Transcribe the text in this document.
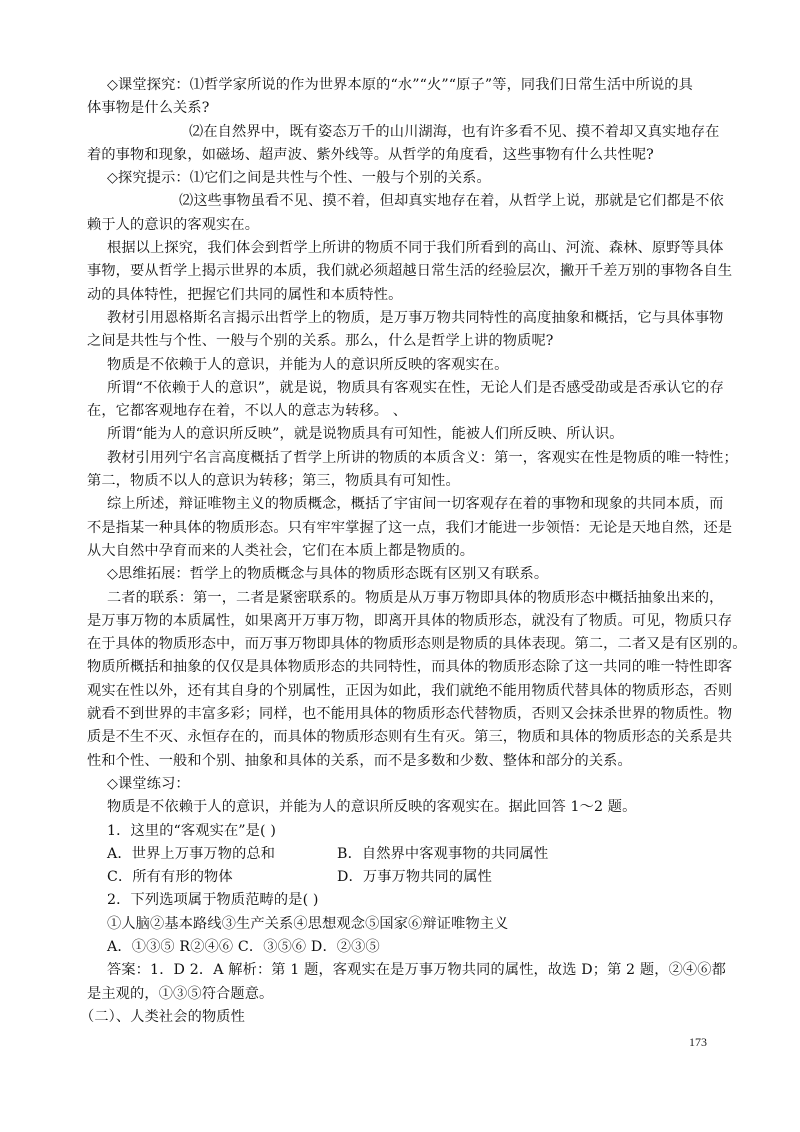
◇课堂探究：⑴哲学家所说的作为世界本原的“水”“火”“原子”等，同我们日常生活中所说的具
体事物是什么关系?
⑵在自然界中，既有姿态万千的山川湖海，也有许多看不见、摸不着却又真实地存在
着的事物和现象，如磁场、超声波、紫外线等。从哲学的角度看，这些事物有什么共性呢?
◇探究提示：⑴它们之间是共性与个性、一般与个别的关系。
⑵这些事物虽看不见、摸不着，但却真实地存在着，从哲学上说，那就是它们都是不依
赖于人的意识的客观实在。
根据以上探究，我们体会到哲学上所讲的物质不同于我们所看到的高山、河流、森林、原野等具体
事物，要从哲学上揭示世界的本质，我们就必须超越日常生活的经验层次，撇开千差万别的事物各自生
动的具体特性，把握它们共同的属性和本质特性。
教材引用恩格斯名言揭示出哲学上的物质，是万事万物共同特性的高度抽象和概括，它与具体事物
之间是共性与个性、一般与个别的关系。那么，什么是哲学上讲的物质呢?
物质是不依赖于人的意识，并能为人的意识所反映的客观实在。
所谓“不依赖于人的意识”，就是说，物质具有客观实在性，无论人们是否感受劭或是否承认它的存
在，它都客观地存在着，不以人的意志为转移。 、
所谓“能为人的意识所反映”，就是说物质具有可知性，能被人们所反映、所认识。
教材引用列宁名言高度概括了哲学上所讲的物质的本质含义：第一，客观实在性是物质的唯一特性；
第二，物质不以人的意识为转移；第三，物质具有可知性。
综上所述，辩证唯物主义的物质概念，概括了宇宙间一切客观存在着的事物和现象的共同本质，而
不是指某一种具体的物质形态。只有牢牢掌握了这一点，我们才能进一步领悟：无论是天地自然，还是
从大自然中孕育而来的人类社会，它们在本质上都是物质的。
◇思维拓展：哲学上的物质概念与具体的物质形态既有区别又有联系。
二者的联系：第一，二者是紧密联系的。物质是从万事万物即具体的物质形态中概括抽象出来的，
是万事万物的本质属性，如果离开万事万物，即离开具体的物质形态，就没有了物质。可见，物质只存
在于具体的物质形态中，而万事万物即具体的物质形态则是物质的具体表现。第二，二者又是有区别的。
物质所概括和抽象的仅仅是具体物质形态的共同特性，而具体的物质形态除了这一共同的唯一特性即客
观实在性以外，还有其自身的个别属性，正因为如此，我们就绝不能用物质代替具体的物质形态，否则
就看不到世界的丰富多彩；同样，也不能用具体的物质形态代替物质，否则又会抹杀世界的物质性。物
质是不生不灭、永恒存在的，而具体的物质形态则有生有灭。第三，物质和具体的物质形态的关系是共
性和个性、一般和个别、抽象和具体的关系，而不是多数和少数、整体和部分的关系。
◇课堂练习：
物质是不依赖于人的意识，并能为人的意识所反映的客观实在。据此回答 1～2 题。
1．这里的“客观实在”是( )
A．世界上万事万物的总和	B．自然界中客观事物的共同属性
C．所有有形的物体	D．万事万物共同的属性
2．下列选项属于物质范畴的是( )
①人脑②基本路线③生产关系④思想观念⑤国家⑥辩证唯物主义
A．①③⑤ R②④⑥ C．③⑤⑥ D．②③⑤
答案：1．D 2．A 解析：第 1 题，客观实在是万事万物共同的属性，故选 D；第 2 题，②④⑥都
是主观的，①③⑤符合题意。
（二）、人类社会的物质性
173
